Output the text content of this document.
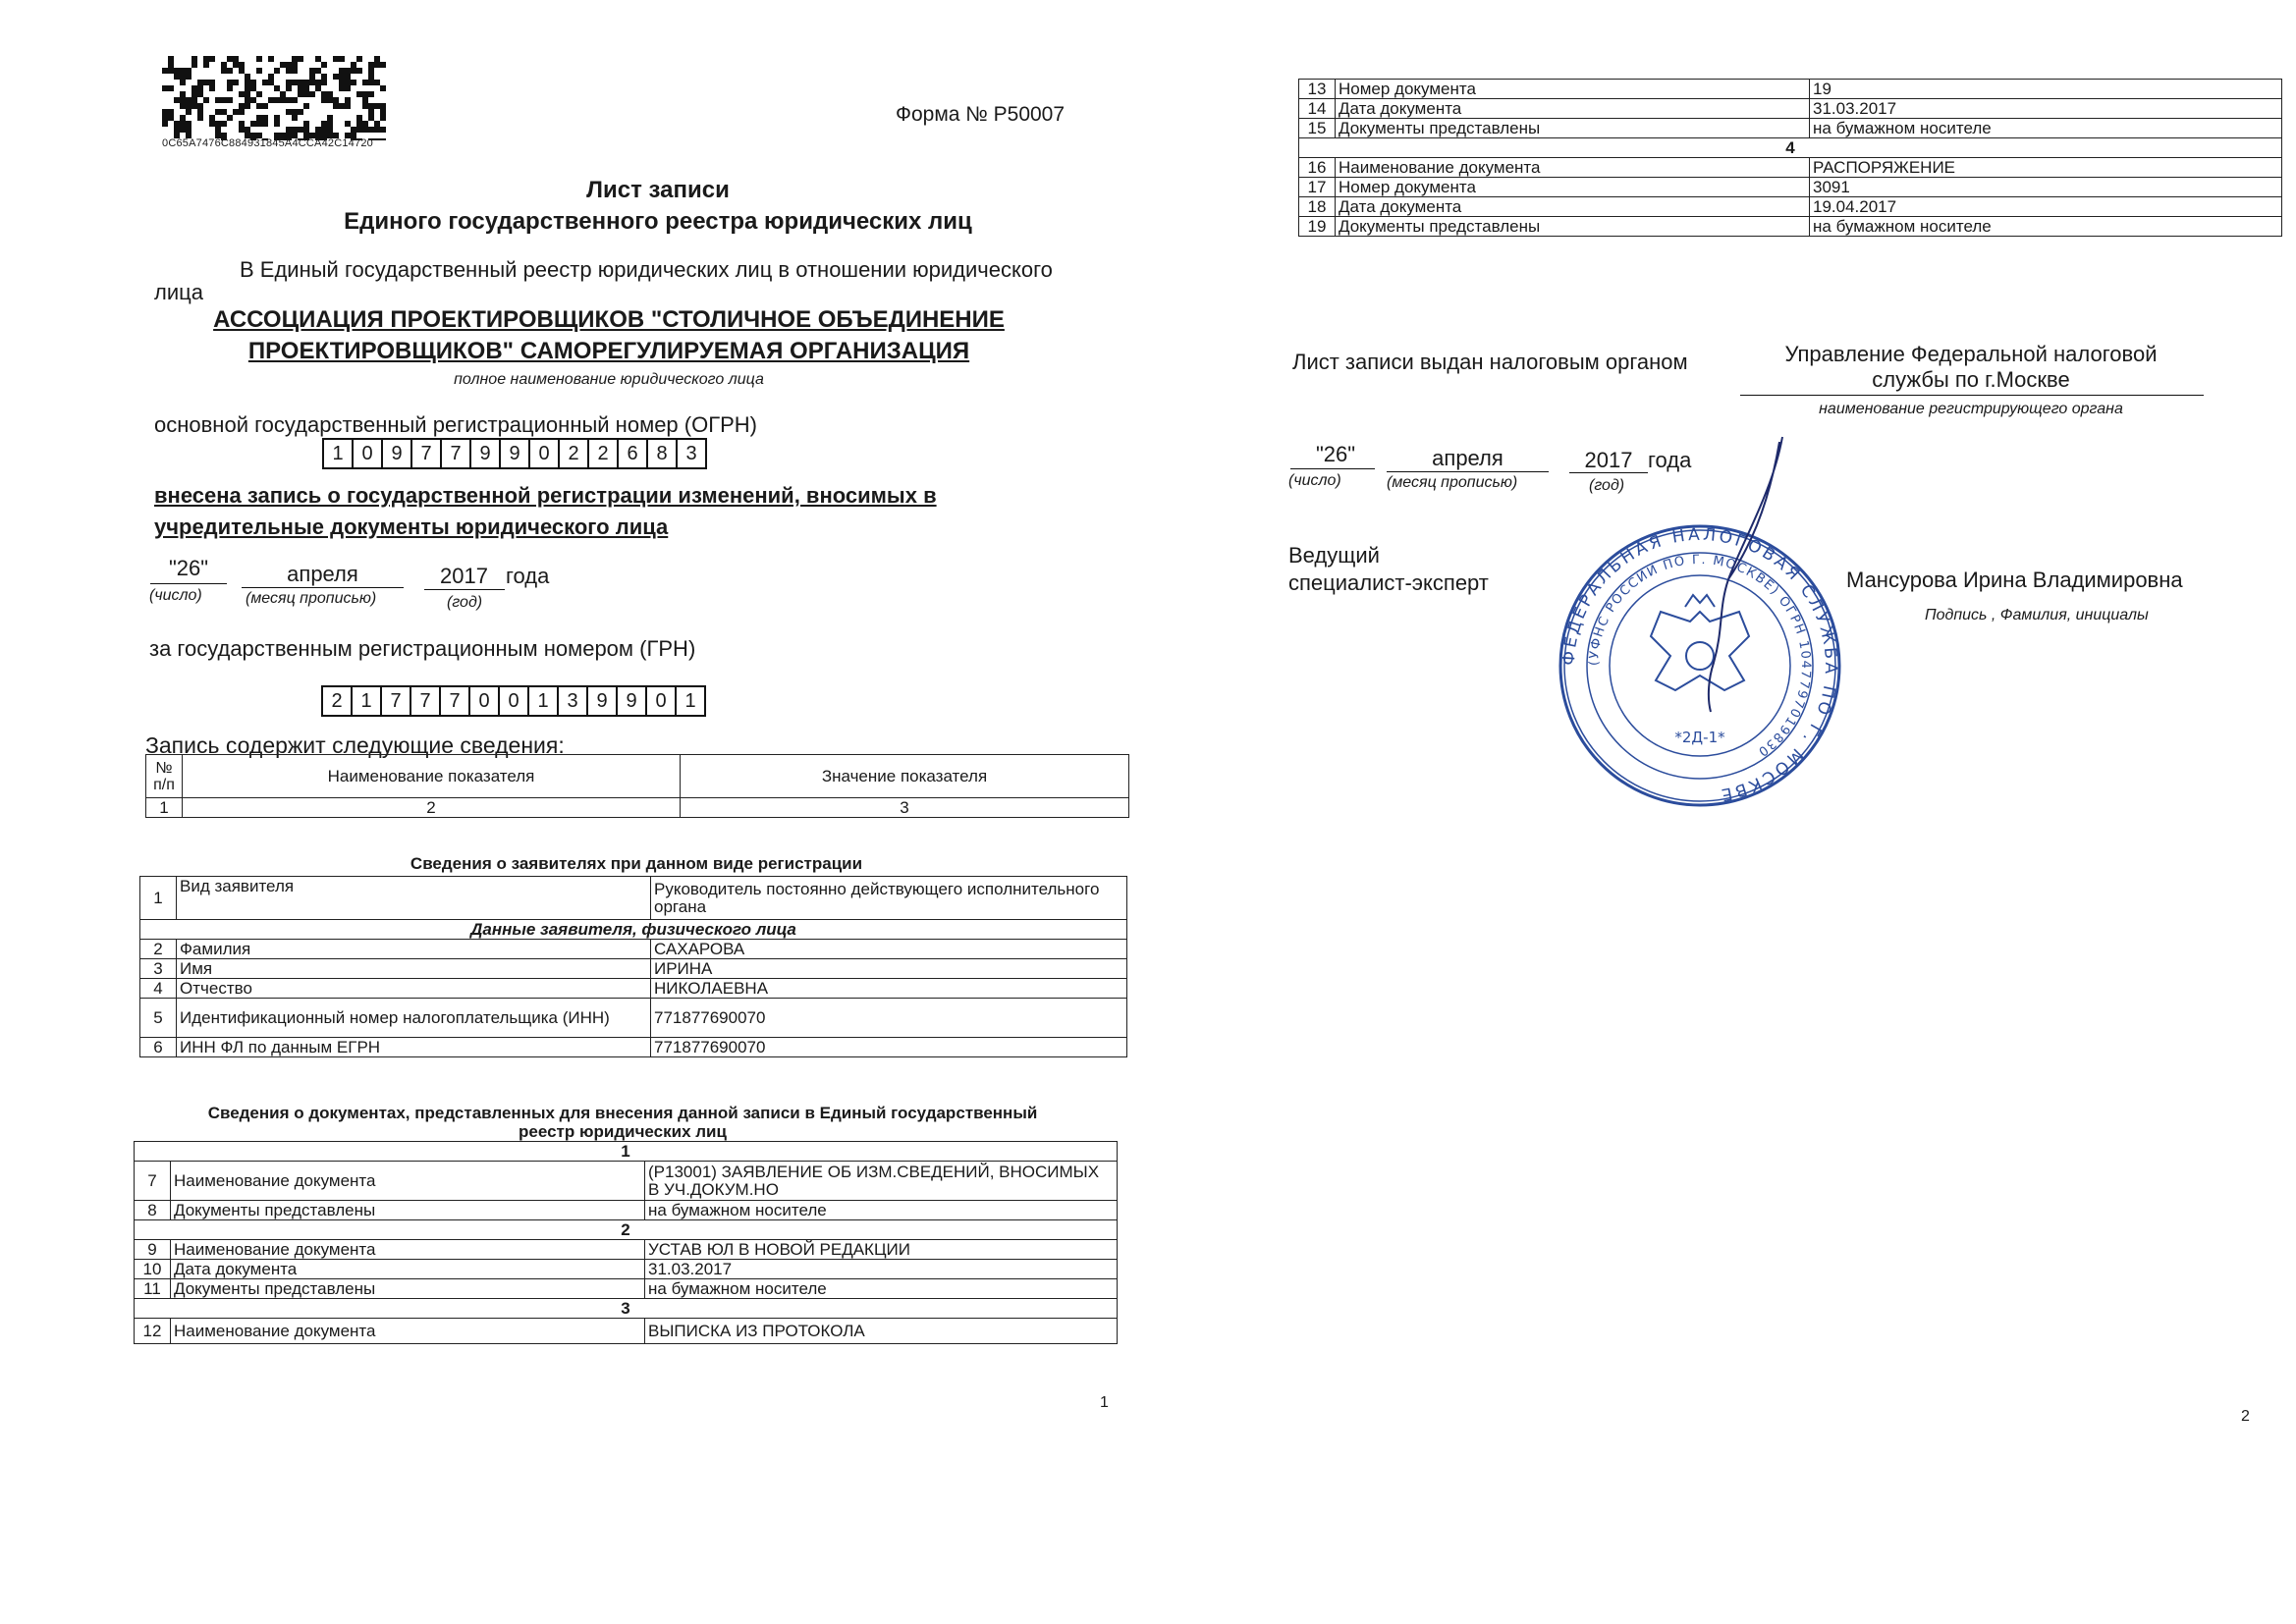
0C65A7476C884931845A4CCA42C14720
Форма № Р50007
Лист записи
Единого государственного реестра юридических лиц
В Единый государственный реестр юридических лиц в отношении юридического
лица
АССОЦИАЦИЯ ПРОЕКТИРОВЩИКОВ "СТОЛИЧНОЕ ОБЪЕДИНЕНИЕ
ПРОЕКТИРОВЩИКОВ" САМОРЕГУЛИРУЕМАЯ ОРГАНИЗАЦИЯ
полное наименование юридического лица
основной государственный регистрационный номер (ОГРН)
1 0 9 7 7 9 9 0 2 2 6 8 3
внесена запись о государственной регистрации изменений, вносимых в
учредительные документы юридического лица
"26"	апреля	2017 года
(число)	(месяц прописью)	(год)
за государственным регистрационным номером (ГРН)
2 1 7 7 7 0 0 1 3 9 9 0 1
Запись содержит следующие сведения:
№ п/п	Наименование показателя	Значение показателя
1	2	3
Сведения о заявителях при данном виде регистрации
1	Вид заявителя	Руководитель постоянно действующего исполнительного органа
Данные заявителя, физического лица		
2	Фамилия	САХАРОВА
3	Имя	ИРИНА
4	Отчество	НИКОЛАЕВНА
5	Идентификационный номер налогоплательщика (ИНН)	771877690070
6	ИНН ФЛ по данным ЕГРН	771877690070
Сведения о документах, представленных для внесения данной записи в Единый государственный
реестр юридических лиц
1		
7	Наименование документа	(Р13001) ЗАЯВЛЕНИЕ ОБ ИЗМ.СВЕДЕНИЙ, ВНОСИМЫХ В УЧ.ДОКУМ.НО
8	Документы представлены	на бумажном носителе
2		
9	Наименование документа	УСТАВ ЮЛ В НОВОЙ РЕДАКЦИИ
10	Дата документа	31.03.2017
11	Документы представлены	на бумажном носителе
3		
12	Наименование документа	ВЫПИСКА ИЗ ПРОТОКОЛА
1
13	Номер документа	19
14	Дата документа	31.03.2017
15	Документы представлены	на бумажном носителе
4		
16	Наименование документа	РАСПОРЯЖЕНИЕ
17	Номер документа	3091
18	Дата документа	19.04.2017
19	Документы представлены	на бумажном носителе
Лист записи выдан налоговым органом	Управление Федеральной налоговой
службы по г.Москве
наименование регистрирующего органа
"26"	апреля	2017 года
(число)	(месяц прописью)	(год)
Ведущий
специалист-эксперт	Мансурова Ирина Владимировна
Подпись , Фамилия, инициалы
ФЕДЕРАЛЬНАЯ НАЛОГОВАЯ СЛУЖБА ПО Г. МОСКВЕ
(УФНС РОССИИ ПО Г. МОСКВЕ) ОГРН 1047797019830
*2Д-1*
2
